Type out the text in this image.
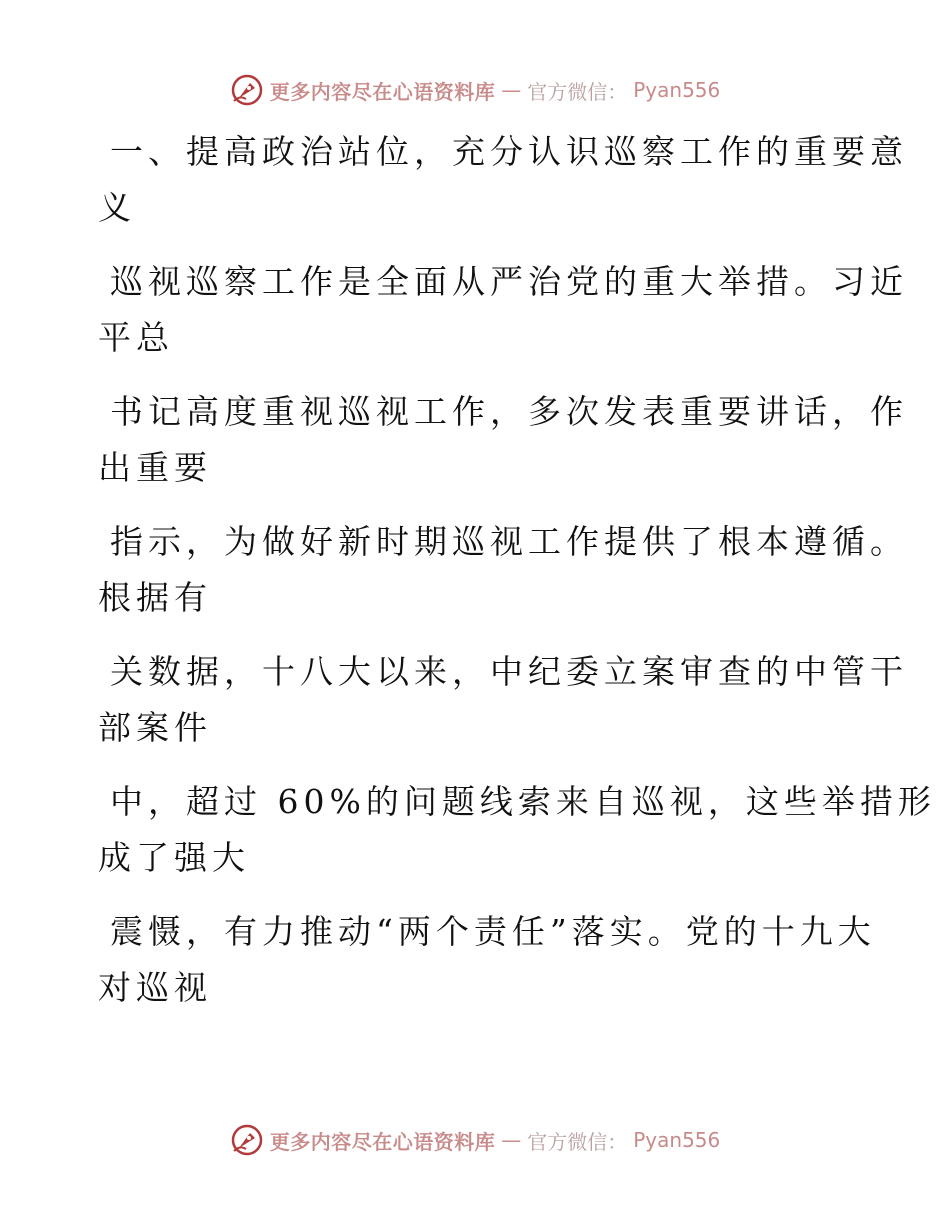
更多内容尽在心语资料库 — 官方微信： Pyan556

一、提高政治站位，充分认识巡察工作的重要意
义

巡视巡察工作是全面从严治党的重大举措。习近
平总

书记高度重视巡视工作，多次发表重要讲话，作
出重要

指示，为做好新时期巡视工作提供了根本遵循。
根据有

关数据，十八大以来，中纪委立案审查的中管干
部案件

中，超过 60%的问题线索来自巡视，这些举措形
成了强大

震慑，有力推动“两个责任”落实。党的十九大
对巡视

更多内容尽在心语资料库 — 官方微信： Pyan556
